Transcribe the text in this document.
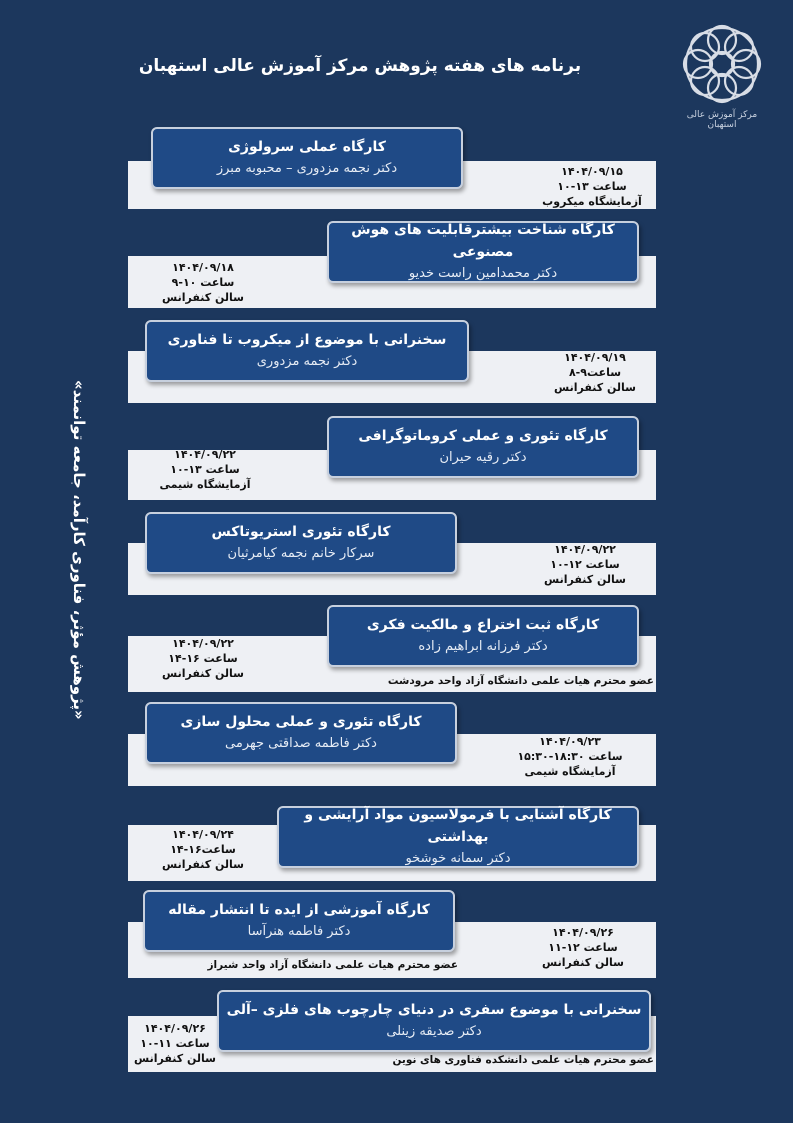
مرکز آموزش عالی استهبان
برنامه های هفته پژوهش مرکز آموزش عالی استهبان
«پژوهش مؤثر، فناوری کارآمد، جامعه توانمند»
کارگاه عملی سرولوژی
دکتر نجمه مزدوری – محبوبه مبرز	۱۴۰۴/۰۹/۱۵
ساعت ۱۳-۱۰
آزمایشگاه میکروب
کارگاه شناخت بیشترقابلیت های هوش مصنوعی
دکتر محمدامین راست خدیو
۱۴۰۴/۰۹/۱۸
ساعت ۱۰-۹
سالن کنفرانس
سخنرانی با موضوع از میکروب تا فناوری
دکتر نجمه مزدوری	۱۴۰۴/۰۹/۱۹
ساعت۹-۸
سالن کنفرانس
کارگاه تئوری و عملی کروماتوگرافی
دکتر رقیه حیران
۱۴۰۴/۰۹/۲۲
ساعت ۱۳-۱۰
آزمایشگاه شیمی
کارگاه تئوری استریوتاکس
سرکار خانم نجمه کیامرثیان	۱۴۰۴/۰۹/۲۲
ساعت ۱۲-۱۰
سالن کنفرانس
کارگاه ثبت اختراع و مالکیت فکری
دکتر فرزانه ابراهیم زاده
۱۴۰۴/۰۹/۲۲
ساعت ۱۶-۱۴
سالن کنفرانس
عضو محترم هیات علمی دانشگاه آزاد واحد مرودشت
کارگاه تئوری و عملی محلول سازی
دکتر فاطمه صداقتی جهرمی	۱۴۰۴/۰۹/۲۳
ساعت ۱۸:۳۰-۱۵:۳۰
آزمایشگاه شیمی
کارگاه آشنایی با فرمولاسیون مواد آرایشی و بهداشتی
دکتر سمانه خوشخو
۱۴۰۴/۰۹/۲۴
ساعت۱۶-۱۴
سالن کنفرانس
کارگاه آموزشی از ایده تا انتشار مقاله
دکتر فاطمه هنرآسا
عضو محترم هیات علمی دانشگاه آزاد واحد شیراز
۱۴۰۴/۰۹/۲۶
ساعت ۱۲-۱۱
سالن کنفرانس
سخنرانی با موضوع سفری در دنیای چارچوب های فلزی –آلی
دکتر صدیقه زینلی
۱۴۰۴/۰۹/۲۶
ساعت ۱۱-۱۰
سالن کنفرانس	عضو محترم هیات علمی دانشکده فناوری های نوین
